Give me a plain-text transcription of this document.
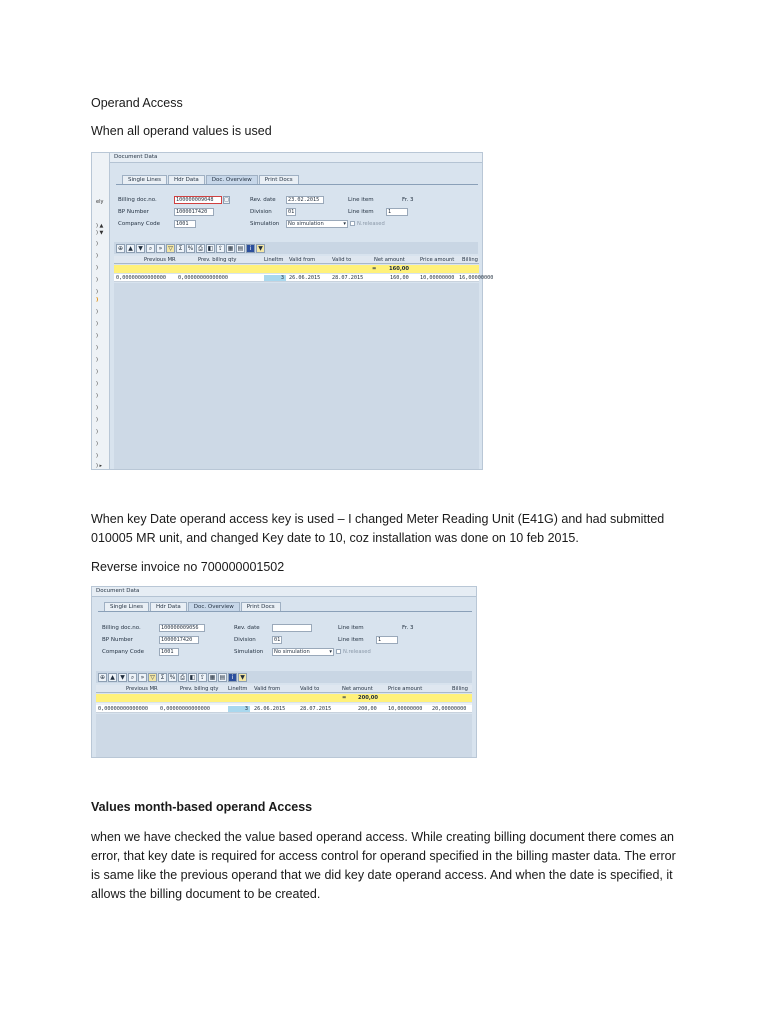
Operand Access
When all operand values is used
ely
) ▲
) ▼
)
)
)
)
)
)
)
)
)
)
)
)
)
)
)
)
)
)
)
) ▸
Document Data
Single Lines	Hdr Data	Doc. Overview	Print Docs
Billing doc.no.	100000009048	□
BP Number	1000017420
Company Code	1001
Rev. date	23.02.2015
Division	01
Simulation	No simulation	▾ N.released
Line item	Fr. 3
Line item	1
⊕ ▲ ▼	⌕	» ▽ Σ % ⎙ ◧ ⇪ ▦ ▤	i	▼
Previous MR	Prev. billng qty	LineItm Valid from	Valid to	Net amount	Price amount Billing
= 160,00
0,00000000000000 0,00000000000000	3 26.06.2015 28.07.2015	160,00 10,00000000 16,00000000
When key Date operand access key is used – I changed Meter Reading Unit (E41G) and had submitted 010005 MR unit, and changed Key date to 10, coz installation was done on 10 feb 2015.
Reverse invoice no 700000001502
Document Data
Single Lines	Hdr Data	Doc. Overview	Print Docs
Billing doc.no.	100000009056
BP Number	1000017420
Company Code	1001
Rev. date
Division	01
Simulation	No simulation	▾ N.released
Line item	Fr. 3
Line item	1
⊕ ▲ ▼	⌕	» ▽ Σ % ⎙ ◧ ⇪ ▦ ▤	i	▼
Previous MR	Prev. billng qty LineItm Valid from	Valid to	Net amount	Price amount	Billing
= 200,00
0,00000000000000 0,00000000000000	3	26.06.2015	28.07.2015	200,00 10,00000000 20,00000000
Values month-based operand Access
when we have checked the value based operand access. While creating billing document there comes an error, that key date is required for access control for operand specified in the billing master data. The error is same like the previous operand that we did key date operand access. And when the date is specified, it allows the billing document to be created.
